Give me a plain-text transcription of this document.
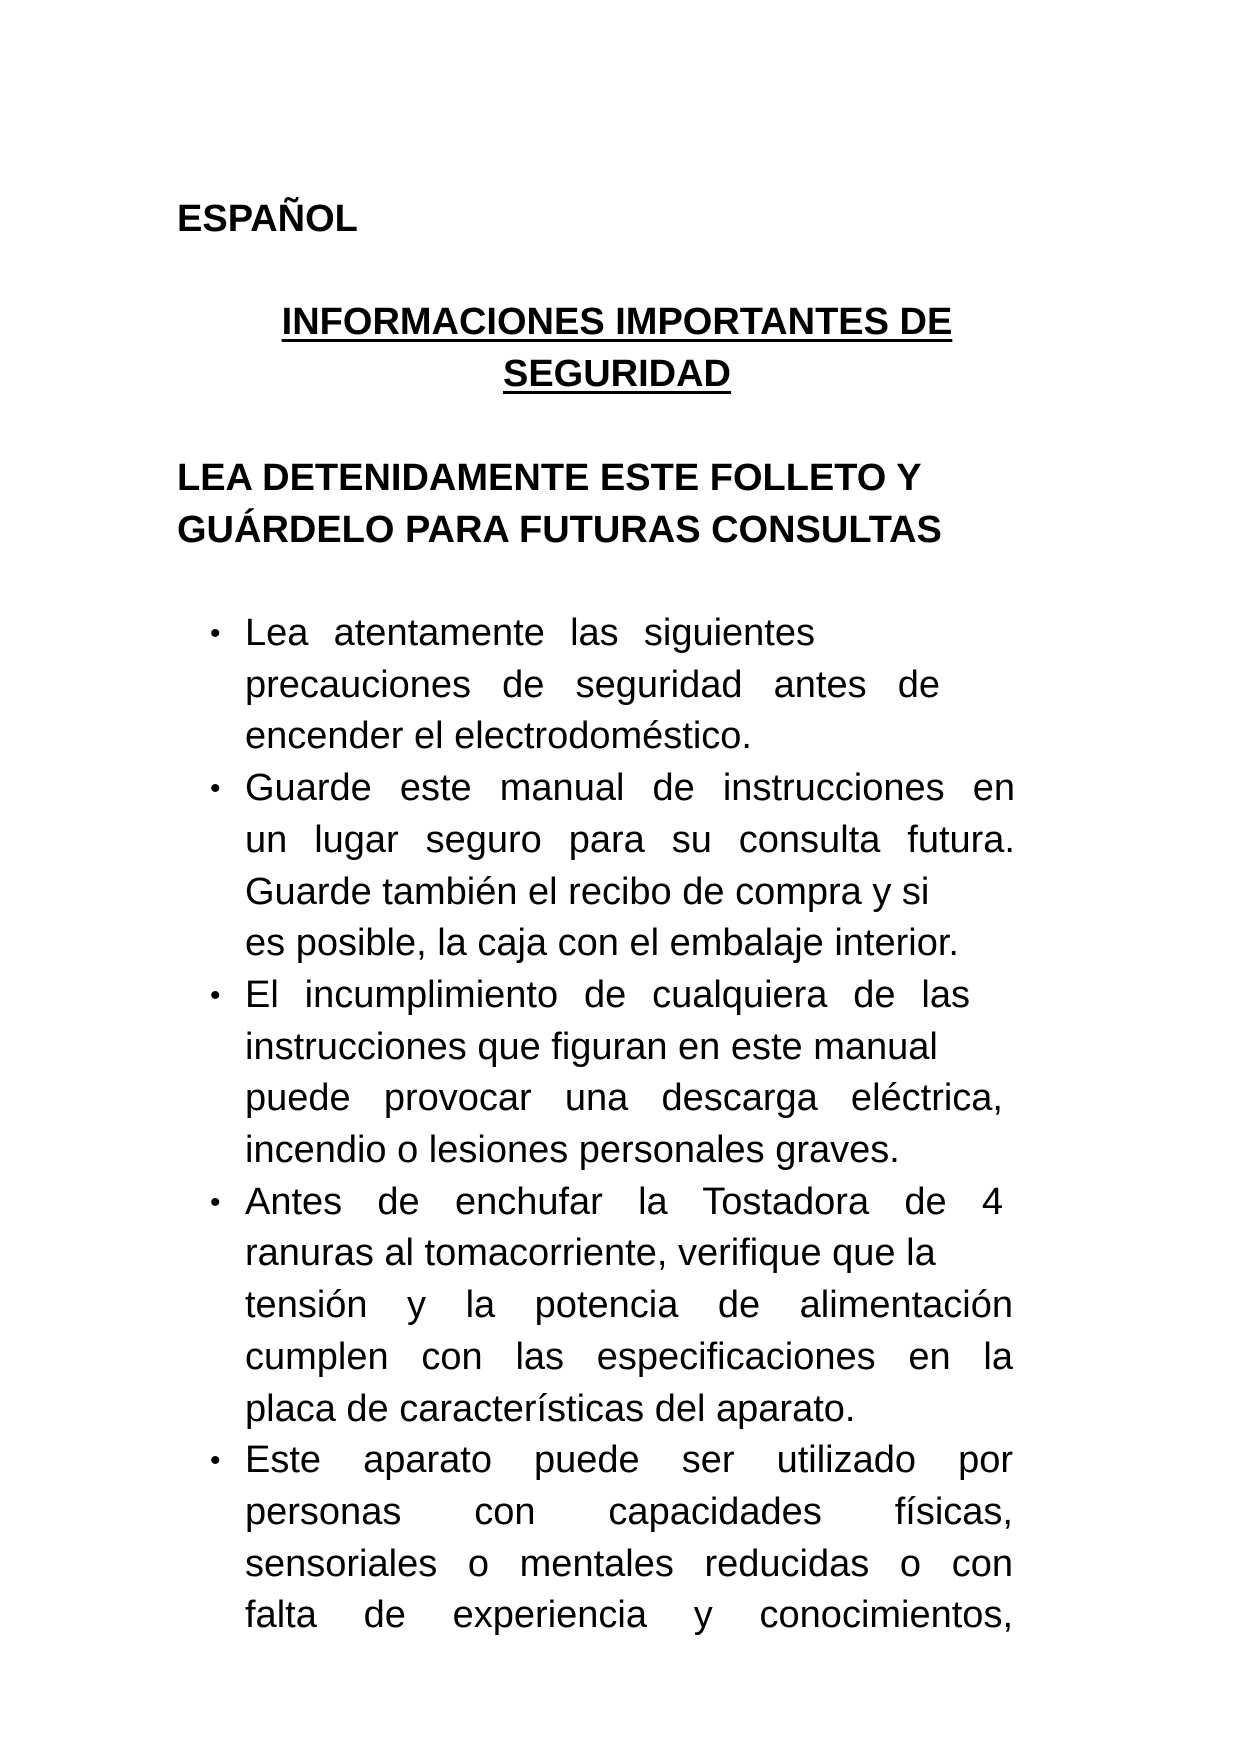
ESPAÑOL
INFORMACIONES IMPORTANTES DE
SEGURIDAD

LEA DETENIDAMENTE ESTE FOLLETO Y
GUÁRDELO PARA FUTURAS CONSULTAS

• Lea atentamente las siguientes
precauciones de seguridad antes de
encender el electrodoméstico.
• Guarde este manual de instrucciones en
un lugar seguro para su consulta futura.
Guarde también el recibo de compra y si
es posible, la caja con el embalaje interior.
• El incumplimiento de cualquiera de las
instrucciones que figuran en este manual
puede provocar una descarga eléctrica,
incendio o lesiones personales graves.
• Antes de enchufar la Tostadora de 4
ranuras al tomacorriente, verifique que la
tensión y la potencia de alimentación
cumplen con las especificaciones en la
placa de características del aparato.
• Este aparato puede ser utilizado por
personas con capacidades físicas,
sensoriales o mentales reducidas o con
falta de experiencia y conocimientos,
